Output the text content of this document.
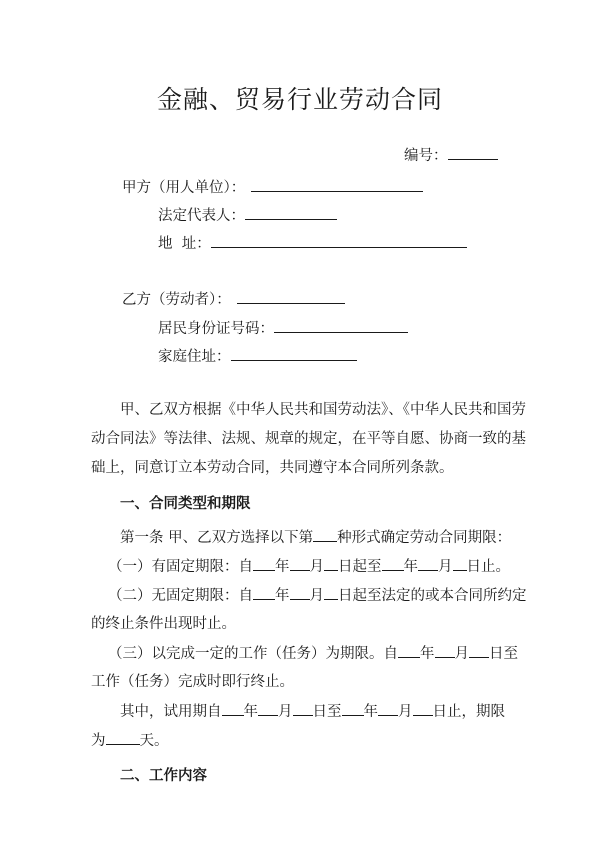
金融、贸易行业劳动合同
编号：
甲方（用人单位）：
法定代表人：
地  址：
乙方（劳动者）：
居民身份证号码：
家庭住址：
甲、乙双方根据《中华人民共和国劳动法》、《中华人民共和国劳
动合同法》等法律、法规、规章的规定，在平等自愿、协商一致的基
础上，同意订立本劳动合同，共同遵守本合同所列条款。
一、合同类型和期限
第一条 甲、乙双方选择以下第 种形式确定劳动合同期限：
（一）有固定期限：自 年 月 日起至 年 月 日止。
（二）无固定期限：自 年 月 日起至法定的或本合同所约定
的终止条件出现时止。
（三）以完成一定的工作（任务）为期限。自 年 月 日至
工作（任务）完成时即行终止。
其中，试用期自 年 月 日至 年 月 日止，期限
为 天。
二、工作内容
